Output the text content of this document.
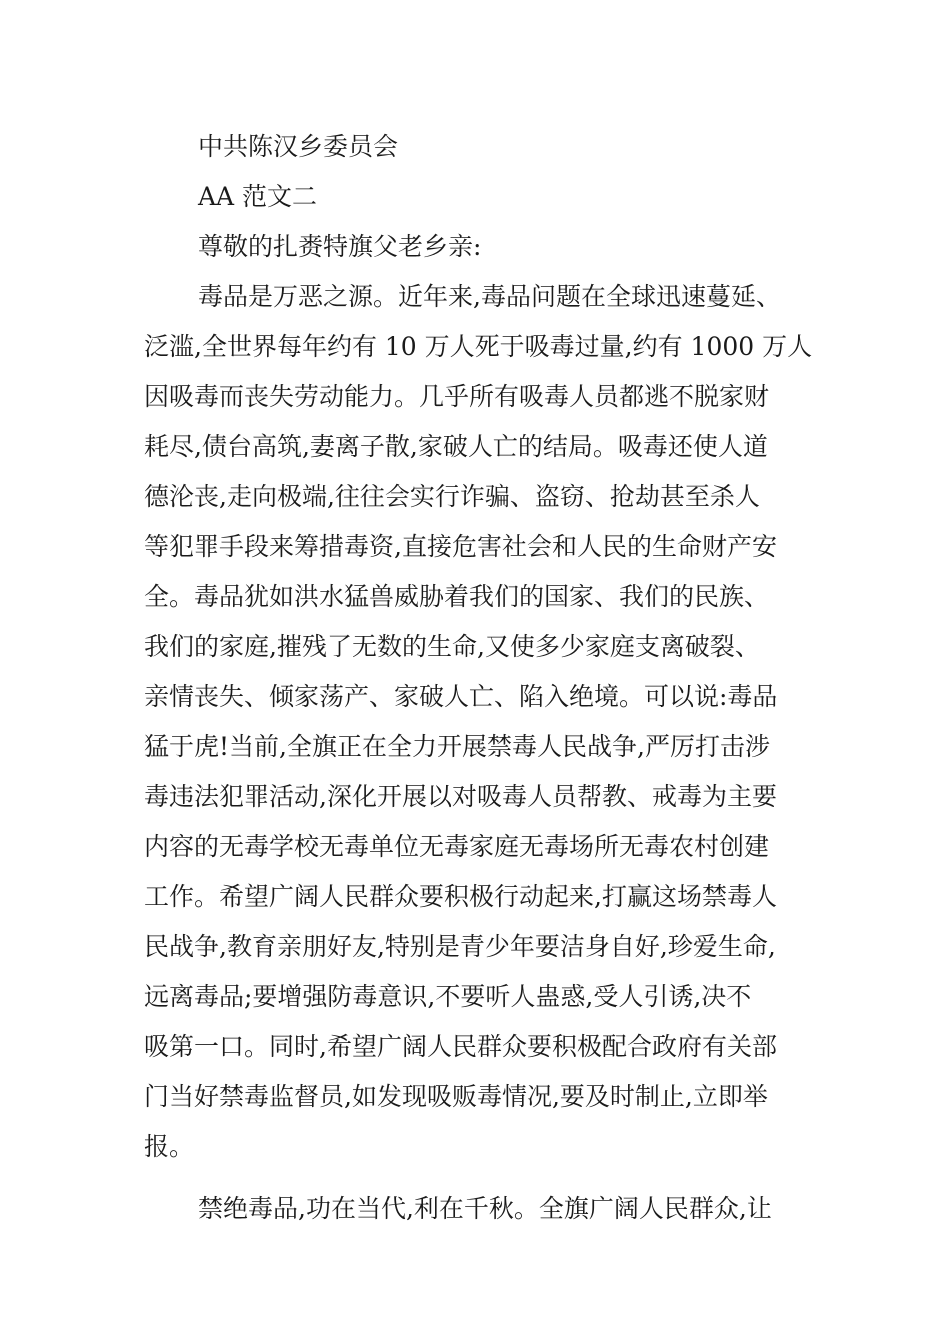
中共陈汉乡委员会
AA 范文二
尊敬的扎赉特旗父老乡亲:
毒品是万恶之源。近年来,毒品问题在全球迅速蔓延、
泛滥,全世界每年约有 10 万人死于吸毒过量,约有 1000 万人
因吸毒而丧失劳动能力。几乎所有吸毒人员都逃不脱家财
耗尽,债台高筑,妻离子散,家破人亡的结局。吸毒还使人道
德沦丧,走向极端,往往会实行诈骗、盗窃、抢劫甚至杀人
等犯罪手段来筹措毒资,直接危害社会和人民的生命财产安
全。毒品犹如洪水猛兽威胁着我们的国家、我们的民族、
我们的家庭,摧残了无数的生命,又使多少家庭支离破裂、
亲情丧失、倾家荡产、家破人亡、陷入绝境。可以说:毒品
猛于虎!当前,全旗正在全力开展禁毒人民战争,严厉打击涉
毒违法犯罪活动,深化开展以对吸毒人员帮教、戒毒为主要
内容的无毒学校无毒单位无毒家庭无毒场所无毒农村创建
工作。希望广阔人民群众要积极行动起来,打赢这场禁毒人
民战争,教育亲朋好友,特别是青少年要洁身自好,珍爱生命,
远离毒品;要增强防毒意识,不要听人蛊惑,受人引诱,决不
吸第一口。同时,希望广阔人民群众要积极配合政府有关部
门当好禁毒监督员,如发现吸贩毒情况,要及时制止,立即举
报。
禁绝毒品,功在当代,利在千秋。全旗广阔人民群众,让
